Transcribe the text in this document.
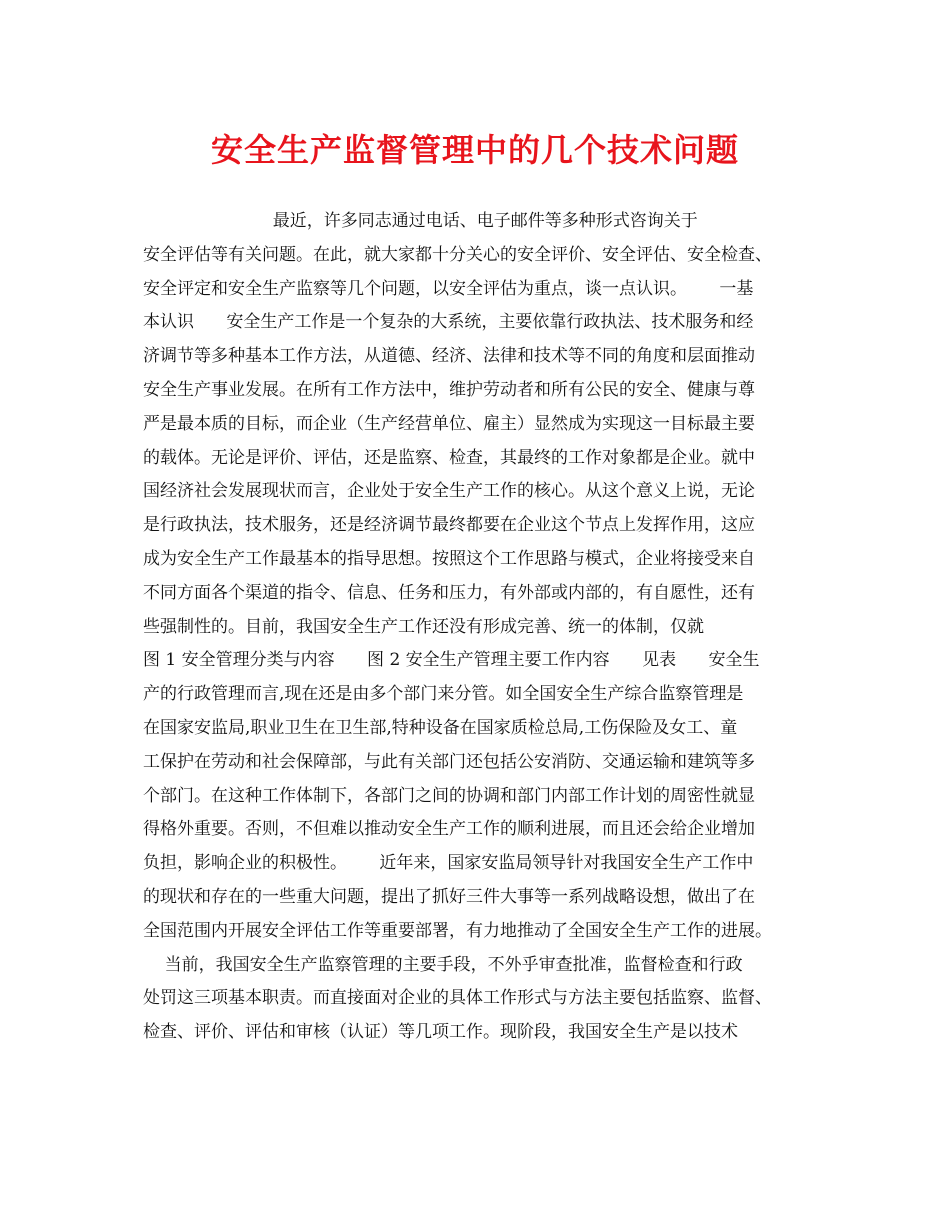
安全生产监督管理中的几个技术问题
最近，许多同志通过电话、电子邮件等多种形式咨询关于
安全评估等有关问题。在此，就大家都十分关心的安全评价、安全评估、安全检查、
安全评定和安全生产监察等几个问题，以安全评估为重点，谈一点认识。      一基
本认识      安全生产工作是一个复杂的大系统，主要依靠行政执法、技术服务和经
济调节等多种基本工作方法，从道德、经济、法律和技术等不同的角度和层面推动
安全生产事业发展。在所有工作方法中，维护劳动者和所有公民的安全、健康与尊
严是最本质的目标，而企业（生产经营单位、雇主）显然成为实现这一目标最主要
的载体。无论是评价、评估，还是监察、检查，其最终的工作对象都是企业。就中
国经济社会发展现状而言，企业处于安全生产工作的核心。从这个意义上说，无论
是行政执法，技术服务，还是经济调节最终都要在企业这个节点上发挥作用，这应
成为安全生产工作最基本的指导思想。按照这个工作思路与模式，企业将接受来自
不同方面各个渠道的指令、信息、任务和压力，有外部或内部的，有自愿性，还有
些强制性的。目前，我国安全生产工作还没有形成完善、统一的体制，仅就
图 1 安全管理分类与内容      图 2 安全生产管理主要工作内容      见表      安全生
产的行政管理而言,现在还是由多个部门来分管。如全国安全生产综合监察管理是
在国家安监局,职业卫生在卫生部,特种设备在国家质检总局,工伤保险及女工、童
工保护在劳动和社会保障部，与此有关部门还包括公安消防、交通运输和建筑等多
个部门。在这种工作体制下，各部门之间的协调和部门内部工作计划的周密性就显
得格外重要。否则，不但难以推动安全生产工作的顺利进展，而且还会给企业增加
负担，影响企业的积极性。      近年来，国家安监局领导针对我国安全生产工作中
的现状和存在的一些重大问题，提出了抓好三件大事等一系列战略设想，做出了在
全国范围内开展安全评估工作等重要部署，有力地推动了全国安全生产工作的进展。
当前，我国安全生产监察管理的主要手段，不外乎审查批准，监督检查和行政
处罚这三项基本职责。而直接面对企业的具体工作形式与方法主要包括监察、监督、
检查、评价、评估和审核（认证）等几项工作。现阶段，我国安全生产是以技术
